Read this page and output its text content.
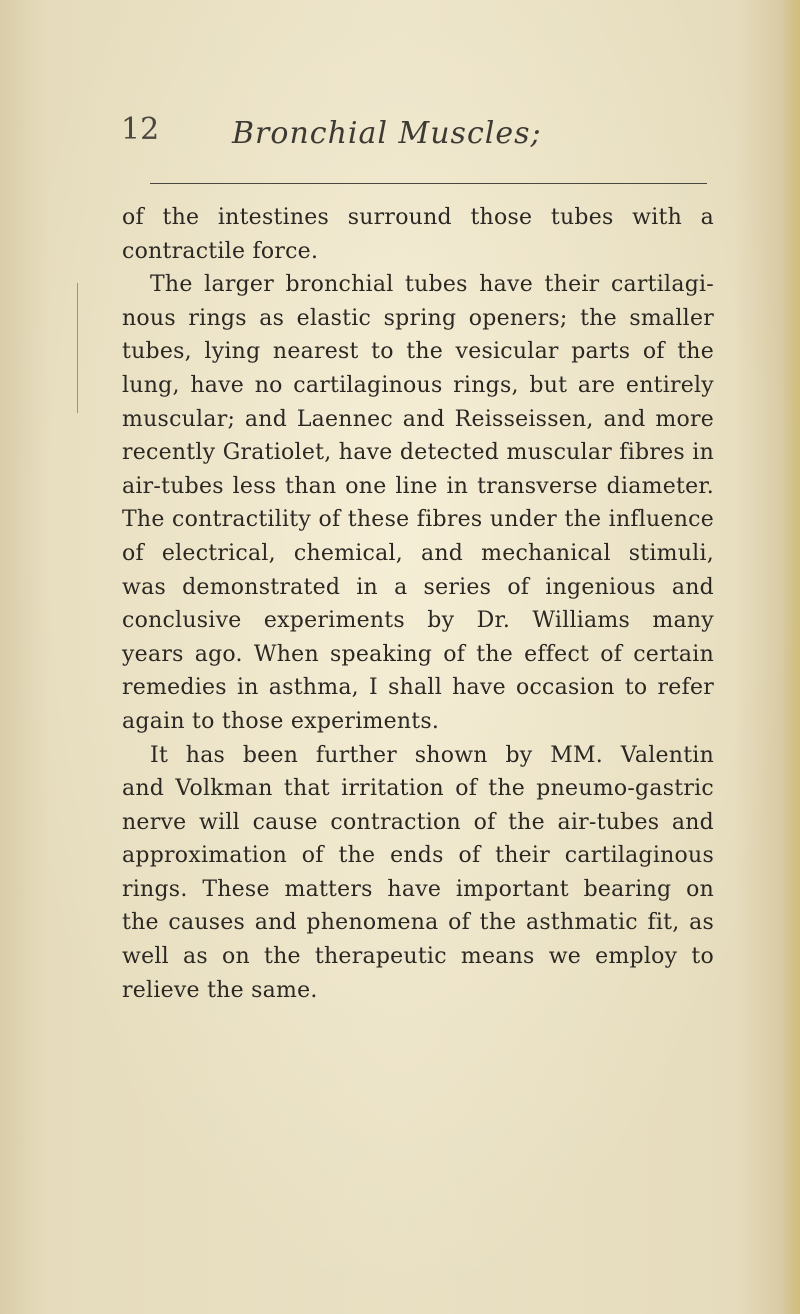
12 Bronchial Muscles;
of the intestines surround those tubes with a
contractile force.
The larger bronchial tubes have their cartilagi-
nous rings as elastic spring openers; the smaller
tubes, lying nearest to the vesicular parts of the
lung, have no cartilaginous rings, but are entirely
muscular; and Laennec and Reisseissen, and more
recently Gratiolet, have detected muscular fibres in
air-tubes less than one line in transverse diameter.
The contractility of these fibres under the influence
of electrical, chemical, and mechanical stimuli,
was demonstrated in a series of ingenious and
conclusive experiments by Dr. Williams many
years ago. When speaking of the effect of certain
remedies in asthma, I shall have occasion to refer
again to those experiments.
It has been further shown by MM. Valentin
and Volkman that irritation of the pneumo-gastric
nerve will cause contraction of the air-tubes and
approximation of the ends of their cartilaginous
rings. These matters have important bearing on
the causes and phenomena of the asthmatic fit, as
well as on the therapeutic means we employ to
relieve the same.
